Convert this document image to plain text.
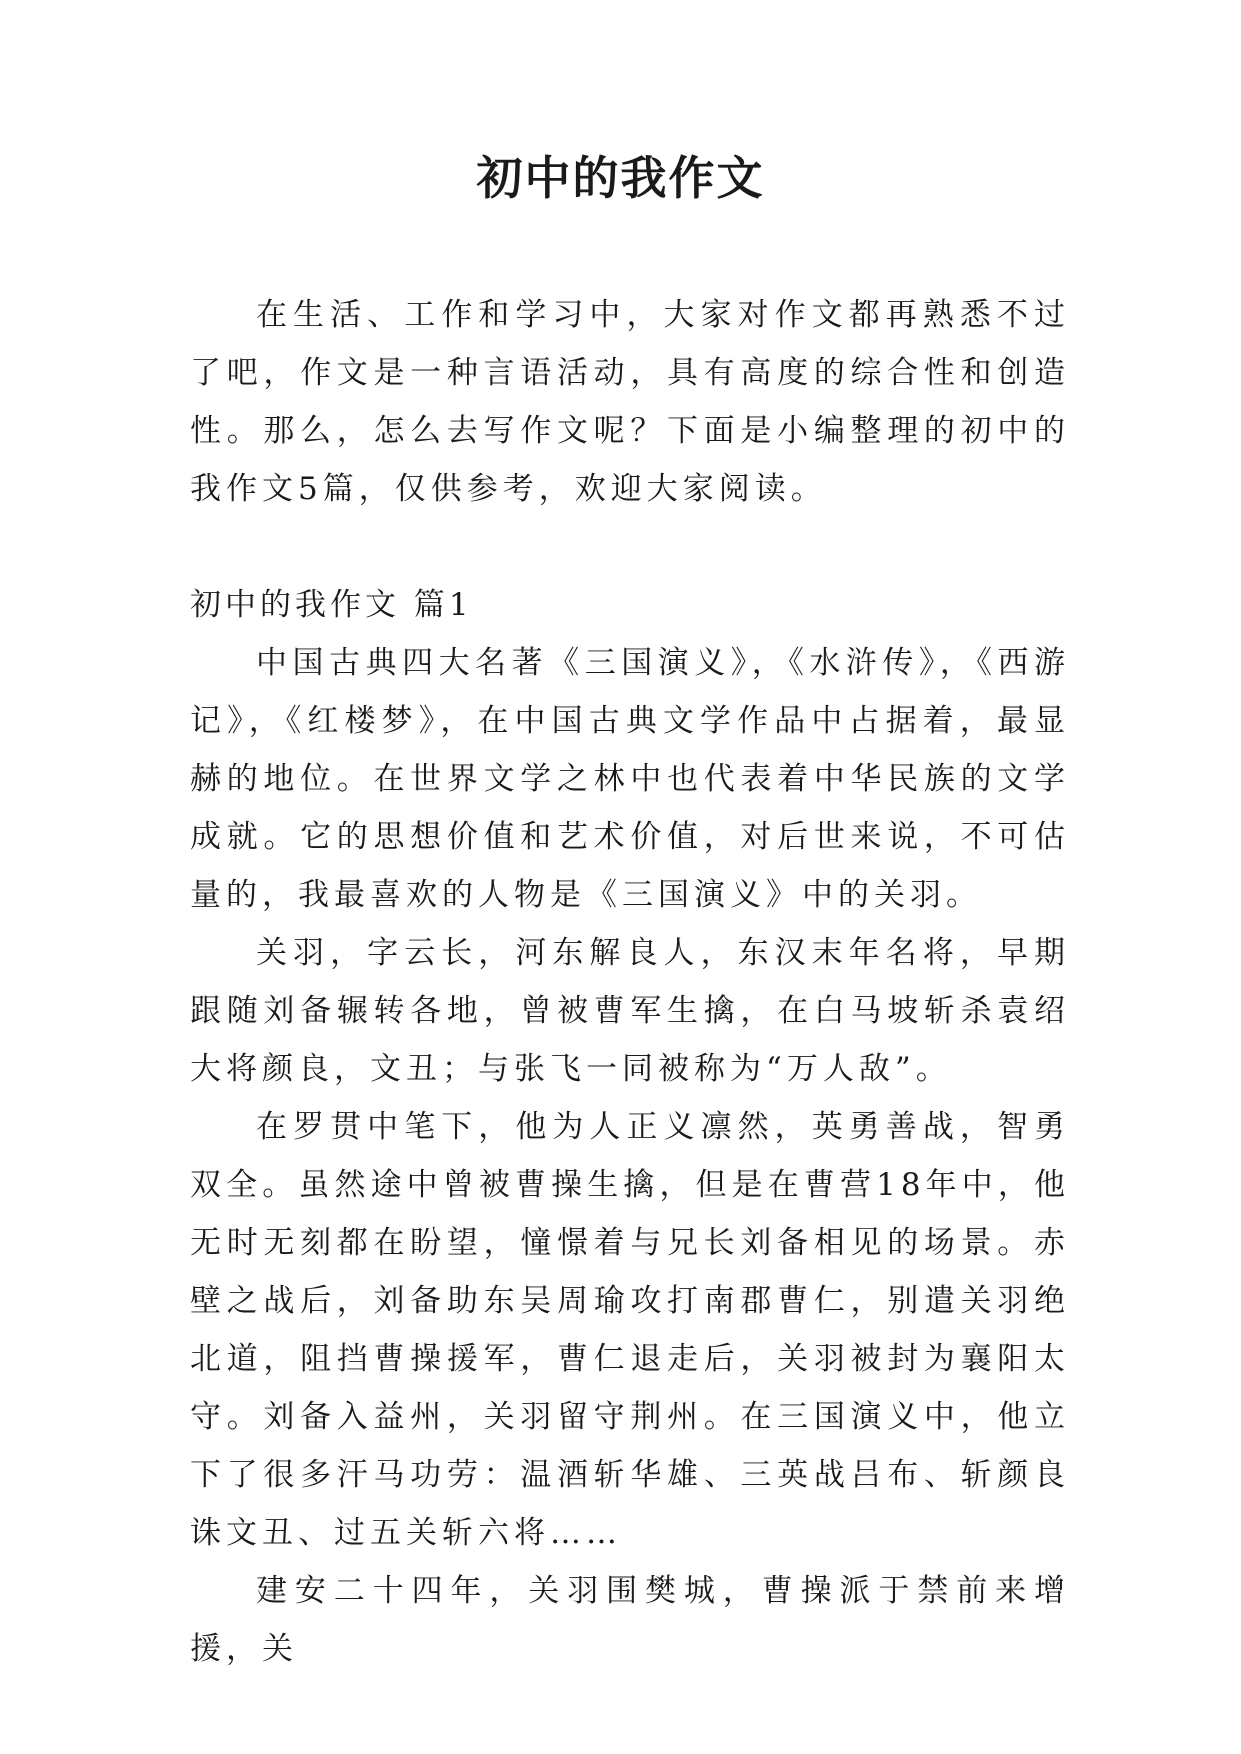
初中的我作文

在生活、工作和学习中，大家对作文都再熟悉不过了吧，作文是一种言语活动，具有高度的综合性和创造性。那么，怎么去写作文呢？下面是小编整理的初中的我作文5篇，仅供参考，欢迎大家阅读。

初中的我作文 篇1

中国古典四大名著《三国演义》，《水浒传》，《西游记》，《红楼梦》，在中国古典文学作品中占据着，最显赫的地位。在世界文学之林中也代表着中华民族的文学成就。它的思想价值和艺术价值，对后世来说，不可估量的，我最喜欢的人物是《三国演义》中的关羽。

关羽，字云长，河东解良人，东汉末年名将，早期跟随刘备辗转各地，曾被曹军生擒，在白马坡斩杀袁绍大将颜良，文丑；与张飞一同被称为“万人敌”。

在罗贯中笔下，他为人正义凛然，英勇善战，智勇双全。虽然途中曾被曹操生擒，但是在曹营18年中，他无时无刻都在盼望，憧憬着与兄长刘备相见的场景。赤壁之战后，刘备助东吴周瑜攻打南郡曹仁，别遣关羽绝北道，阻挡曹操援军，曹仁退走后，关羽被封为襄阳太守。刘备入益州，关羽留守荆州。在三国演义中，他立下了很多汗马功劳：温酒斩华雄、三英战吕布、斩颜良诛文丑、过五关斩六将……

建安二十四年，关羽围樊城，曹操派于禁前来增援，关
